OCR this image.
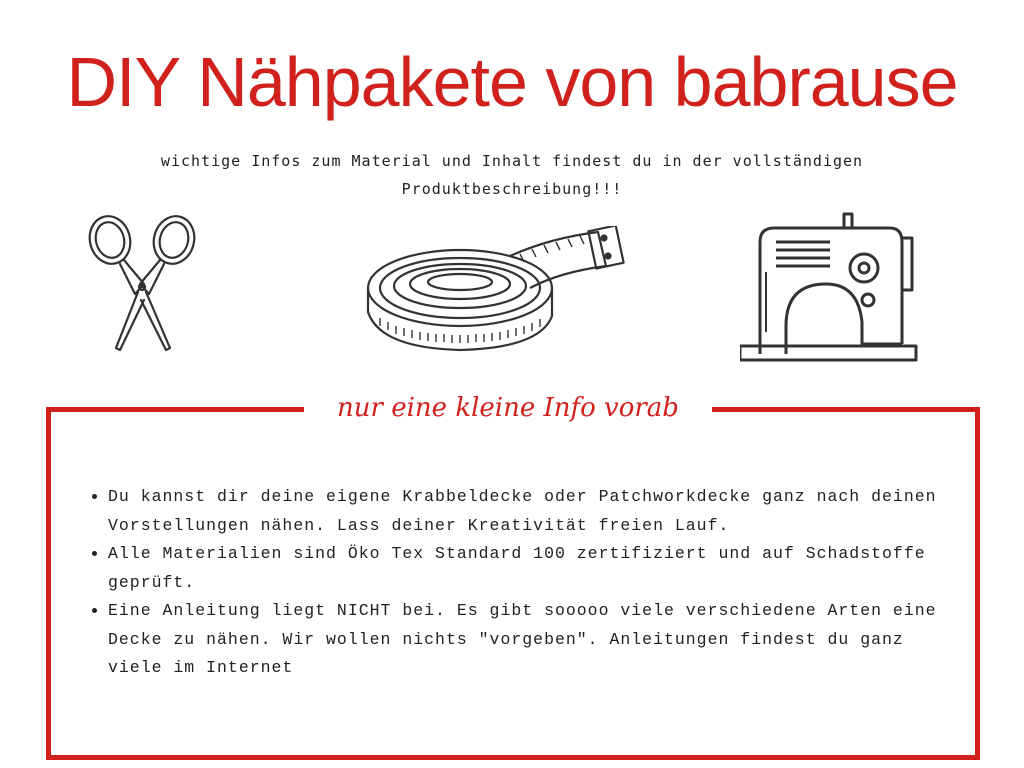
DIY Nähpakete von babrause
wichtige Infos zum Material und Inhalt findest du in der vollständigen
Produktbeschreibung!!!
nur eine kleine Info vorab
• Du kannst dir deine eigene Krabbeldecke oder Patchworkdecke ganz nach deinen Vorstellungen nähen. Lass deiner Kreativität freien Lauf.
• Alle Materialien sind Öko Tex Standard 100 zertifiziert und auf Schadstoffe geprüft.
• Eine Anleitung liegt NICHT bei. Es gibt sooooo viele verschiedene Arten eine Decke zu nähen. Wir wollen nichts "vorgeben". Anleitungen findest du ganz viele im Internet
